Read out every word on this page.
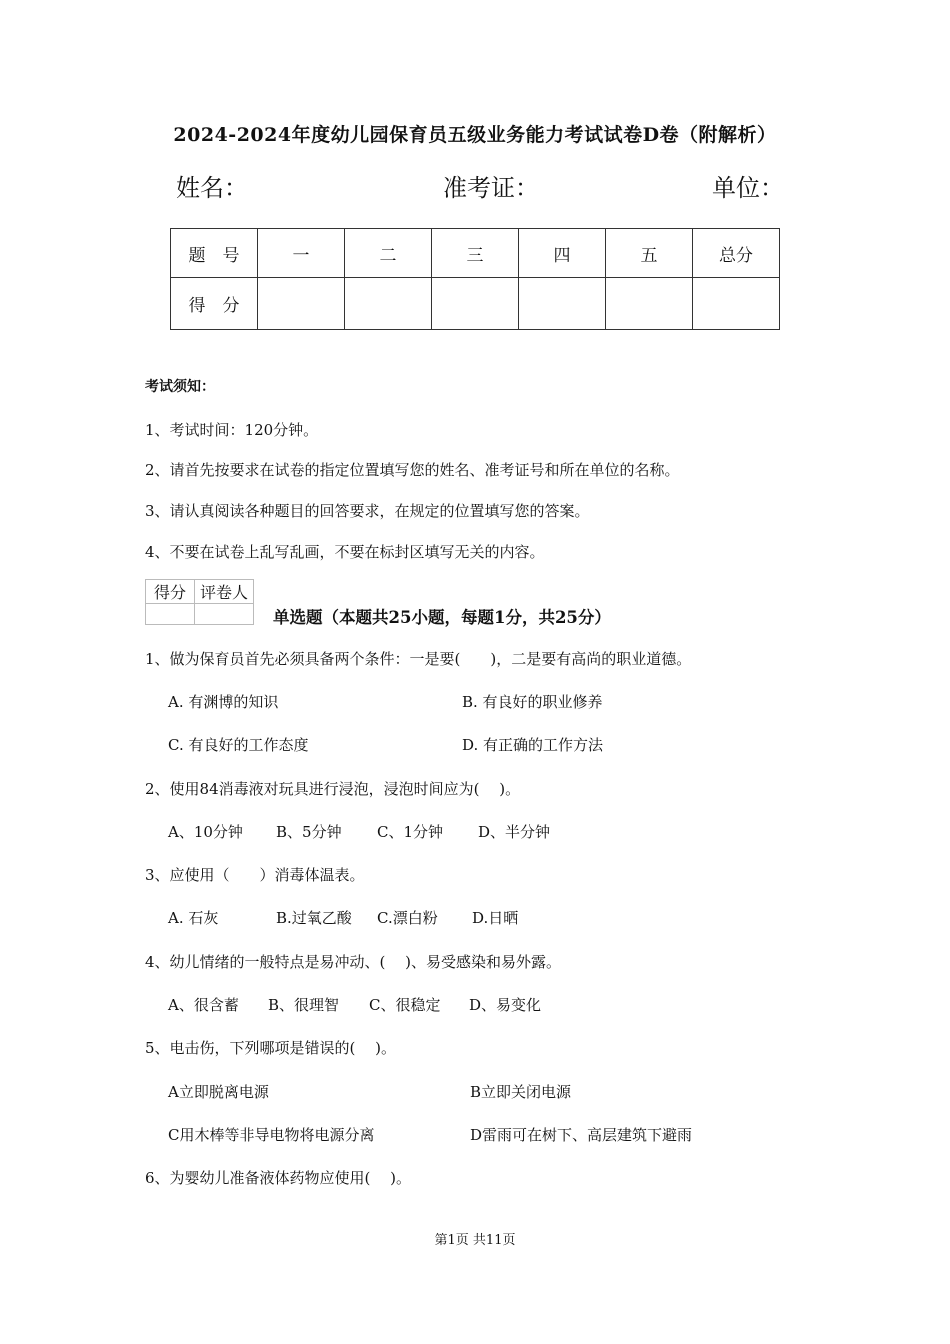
2024-2024年度幼儿园保育员五级业务能力考试试卷D卷（附解析）
姓名：	准考证：	单位：
题　号	一	二	三	四	五	总分
得　分						
考试须知：
1、考试时间：120分钟。
2、请首先按要求在试卷的指定位置填写您的姓名、准考证号和所在单位的名称。
3、请认真阅读各种题目的回答要求，在规定的位置填写您的答案。
4、不要在试卷上乱写乱画，不要在标封区填写无关的内容。
得分	评卷人

单选题（本题共25小题，每题1分，共25分）
1、做为保育员首先必须具备两个条件：一是要(　　)，二是要有高尚的职业道德。
A. 有渊博的知识	B. 有良好的职业修养
C. 有良好的工作态度	D. 有正确的工作方法
2、使用84消毒液对玩具进行浸泡，浸泡时间应为(　 )。
A、10分钟 B、5分钟 C、1分钟 D、半分钟
3、应使用（　　）消毒体温表。
A. 石灰	B.过氧乙酸 C.漂白粉 D.日晒
4、幼儿情绪的一般特点是易冲动、(　 )、易受感染和易外露。
A、很含蓄 B、很理智 C、很稳定 D、易变化
5、电击伤，下列哪项是错误的(　 )。
A立即脱离电源	B立即关闭电源
C用木棒等非导电物将电源分离	D雷雨可在树下、高层建筑下避雨
6、为婴幼儿准备液体药物应使用(　 )。
第1页 共11页
